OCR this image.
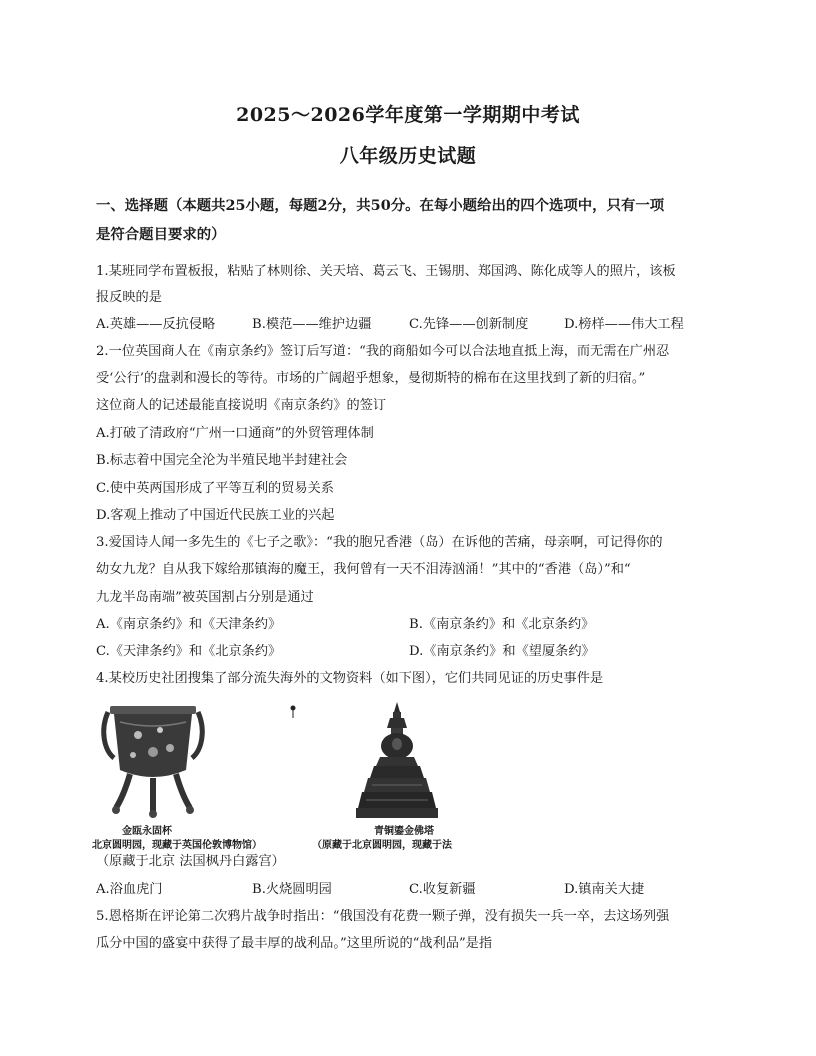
2025～2026学年度第一学期期中考试
八年级历史试题
一、选择题（本题共25小题，每题2分，共50分。在每小题给出的四个选项中，只有一项
是符合题目要求的）
1.某班同学布置板报，粘贴了林则徐、关天培、葛云飞、王锡朋、郑国鸿、陈化成等人的照片，该板
报反映的是
A.英雄——反抗侵略	B.模范——维护边疆	C.先锋——创新制度	D.榜样——伟大工程
2.一位英国商人在《南京条约》签订后写道：“我的商船如今可以合法地直抵上海，而无需在广州忍
受‘公行’的盘剥和漫长的等待。市场的广阔超乎想象，曼彻斯特的棉布在这里找到了新的归宿。”
这位商人的记述最能直接说明《南京条约》的签订
A.打破了清政府“广州一口通商”的外贸管理体制
B.标志着中国完全沦为半殖民地半封建社会
C.使中英两国形成了平等互利的贸易关系
D.客观上推动了中国近代民族工业的兴起
3.爱国诗人闻一多先生的《七子之歌》：“我的胞兄香港（岛）在诉他的苦痛，母亲啊，可记得你的
幼女九龙？自从我下嫁给那镇海的魔王，我何曾有一天不泪涛汹涌！”其中的“香港（岛）”和“
九龙半岛南端”被英国割占分别是通过
A.《南京条约》和《天津条约》	B.《南京条约》和《北京条约》
C.《天津条约》和《北京条约》	D.《南京条约》和《望厦条约》
4.某校历史社团搜集了部分流失海外的文物资料（如下图），它们共同见证的历史事件是
金瓯永固杯
北京圆明园，现藏于英国伦敦博物馆）
青铜鎏金佛塔
（原藏于北京圆明园，现藏于法
（原藏于北京 法国枫丹白露宫）
A.浴血虎门	B.火烧圆明园	C.收复新疆	D.镇南关大捷
5.恩格斯在评论第二次鸦片战争时指出：“俄国没有花费一颗子弹，没有损失一兵一卒，去这场列强
瓜分中国的盛宴中获得了最丰厚的战利品。”这里所说的“战利品”是指
